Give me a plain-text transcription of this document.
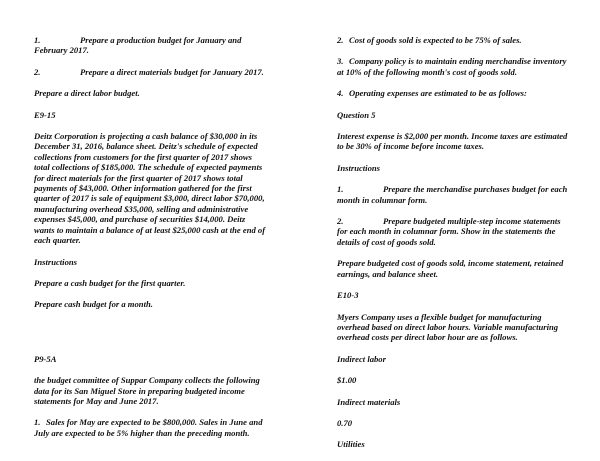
1.	Prepare a production budget for January and February 2017.

2.	Prepare a direct materials budget for January 2017.

Prepare a direct labor budget.

E9-15

Deitz Corporation is projecting a cash balance of $30,000 in its December 31, 2016, balance sheet. Deitz's schedule of expected collections from customers for the first quarter of 2017 shows total collections of $185,000. The schedule of expected payments for direct materials for the first quarter of 2017 shows total payments of $43,000. Other information gathered for the first quarter of 2017 is sale of equipment $3,000, direct labor $70,000, manufacturing overhead $35,000, selling and administrative expenses $45,000, and purchase of securities $14,000. Deitz wants to maintain a balance of at least $25,000 cash at the end of each quarter.

Instructions

Prepare a cash budget for the first quarter.

Prepare cash budget for a month.

P9-5A

the budget committee of Suppar Company collects the following data for its San Miguel Store in preparing budgeted income statements for May and June 2017.

1. Sales for May are expected to be $800,000. Sales in June and July are expected to be 5% higher than the preceding month.

2. Cost of goods sold is expected to be 75% of sales.

3. Company policy is to maintain ending merchandise inventory at 10% of the following month's cost of goods sold.

4. Operating expenses are estimated to be as follows:

Question 5

Interest expense is $2,000 per month. Income taxes are estimated to be 30% of income before income taxes.

Instructions

1.	Prepare the merchandise purchases budget for each month in columnar form.

2.	Prepare budgeted multiple-step income statements for each month in columnar form. Show in the statements the details of cost of goods sold.

Prepare budgeted cost of goods sold, income statement, retained earnings, and balance sheet.

E10-3

Myers Company uses a flexible budget for manufacturing overhead based on direct labor hours. Variable manufacturing overhead costs per direct labor hour are as follows.

Indirect labor

$1.00

Indirect materials

0.70

Utilities
